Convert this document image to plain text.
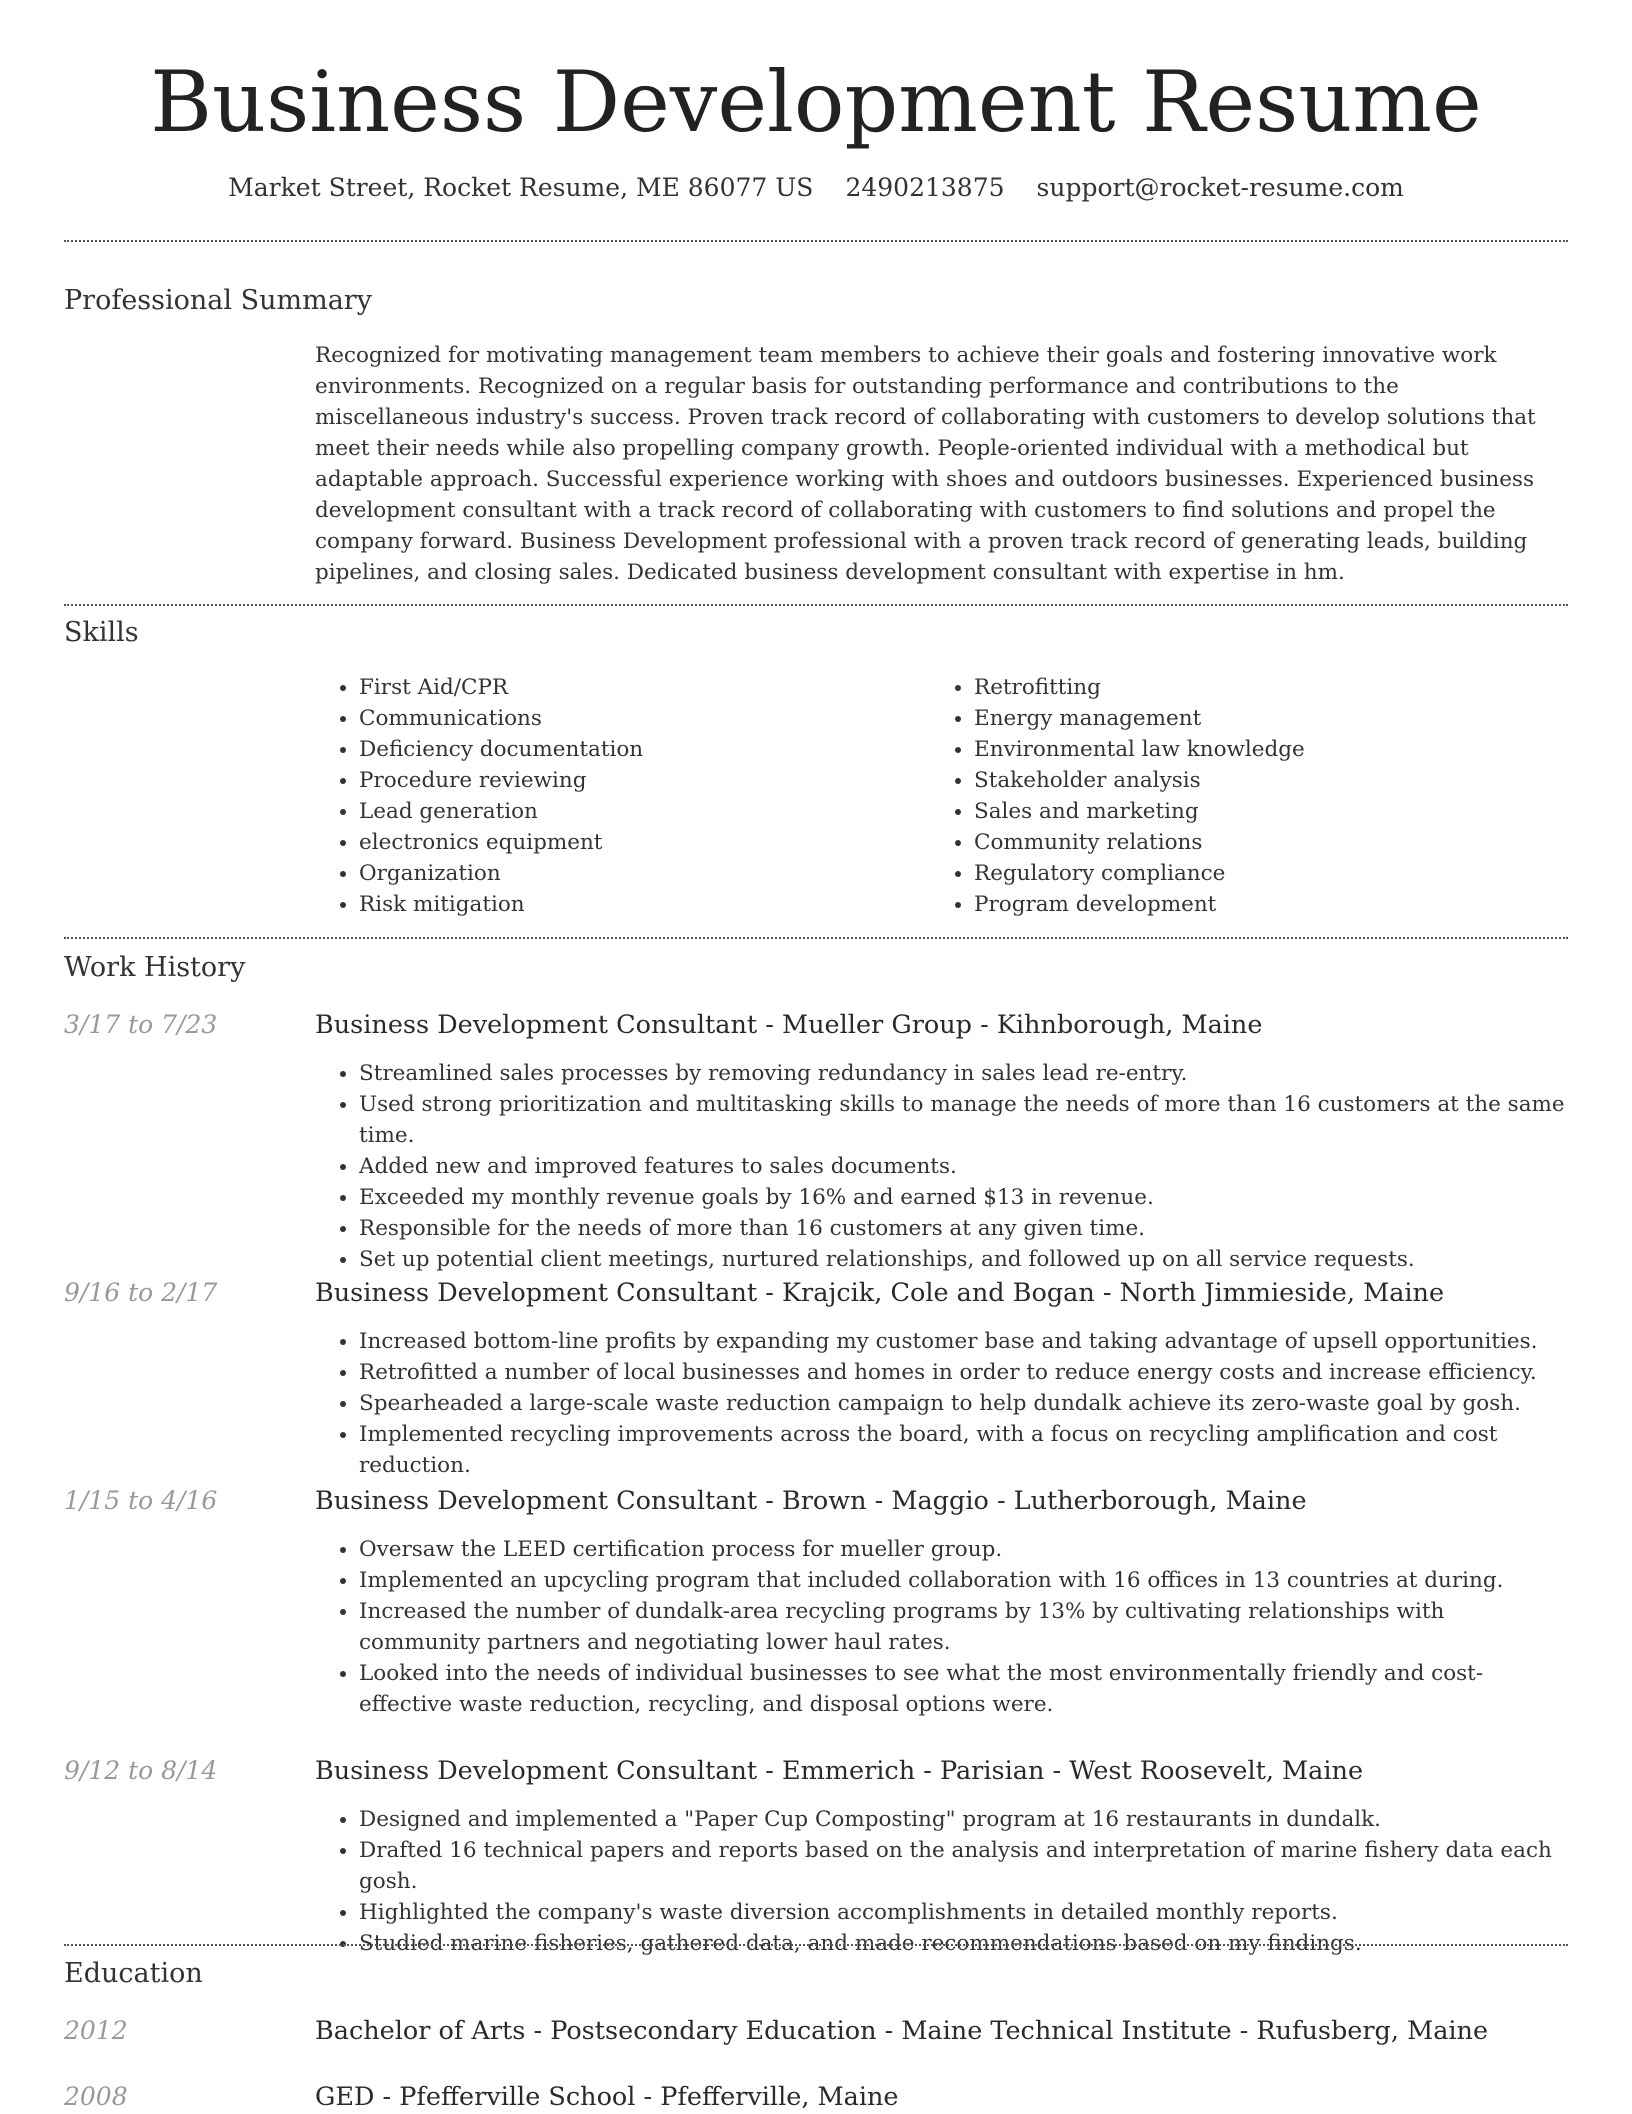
Business Development Resume
Market Street, Rocket Resume, ME 86077 US 2490213875 support@rocket-resume.com
Professional Summary

Recognized for motivating management team members to achieve their goals and fostering innovative work environments. Recognized on a regular basis for outstanding performance and contributions to the miscellaneous industry's success. Proven track record of collaborating with customers to develop solutions that meet their needs while also propelling company growth. People-oriented individual with a methodical but adaptable approach. Successful experience working with shoes and outdoors businesses. Experienced business development consultant with a track record of collaborating with customers to find solutions and propel the company forward. Business Development professional with a proven track record of generating leads, building pipelines, and closing sales. Dedicated business development consultant with expertise in hm.

Skills
• First Aid/CPR
• Communications
• Deficiency documentation
• Procedure reviewing
• Lead generation
• electronics equipment
• Organization
• Risk mitigation
• Retrofitting
• Energy management
• Environmental law knowledge
• Stakeholder analysis
• Sales and marketing
• Community relations
• Regulatory compliance
• Program development
Work History
3/17 to 7/23	Business Development Consultant - Mueller Group - Kihnborough, Maine
• Streamlined sales processes by removing redundancy in sales lead re-entry.
• Used strong prioritization and multitasking skills to manage the needs of more than 16 customers at the same time.
• Added new and improved features to sales documents.
• Exceeded my monthly revenue goals by 16% and earned $13 in revenue.
• Responsible for the needs of more than 16 customers at any given time.
• Set up potential client meetings, nurtured relationships, and followed up on all service requests.
9/16 to 2/17	Business Development Consultant - Krajcik, Cole and Bogan - North Jimmieside, Maine
• Increased bottom-line profits by expanding my customer base and taking advantage of upsell opportunities.
• Retrofitted a number of local businesses and homes in order to reduce energy costs and increase efficiency.
• Spearheaded a large-scale waste reduction campaign to help dundalk achieve its zero-waste goal by gosh.
• Implemented recycling improvements across the board, with a focus on recycling amplification and cost reduction.
1/15 to 4/16	Business Development Consultant - Brown - Maggio - Lutherborough, Maine
• Oversaw the LEED certification process for mueller group.
• Implemented an upcycling program that included collaboration with 16 offices in 13 countries at during.
• Increased the number of dundalk-area recycling programs by 13% by cultivating relationships with community partners and negotiating lower haul rates.
• Looked into the needs of individual businesses to see what the most environmentally friendly and cost-effective waste reduction, recycling, and disposal options were.
9/12 to 8/14	Business Development Consultant - Emmerich - Parisian - West Roosevelt, Maine
• Designed and implemented a "Paper Cup Composting" program at 16 restaurants in dundalk.
• Drafted 16 technical papers and reports based on the analysis and interpretation of marine fishery data each gosh.
• Highlighted the company's waste diversion accomplishments in detailed monthly reports.
• Studied marine fisheries, gathered data, and made recommendations based on my findings.
Education
2012	Bachelor of Arts - Postsecondary Education - Maine Technical Institute - Rufusberg, Maine
2008	GED - Pfefferville School - Pfefferville, Maine
